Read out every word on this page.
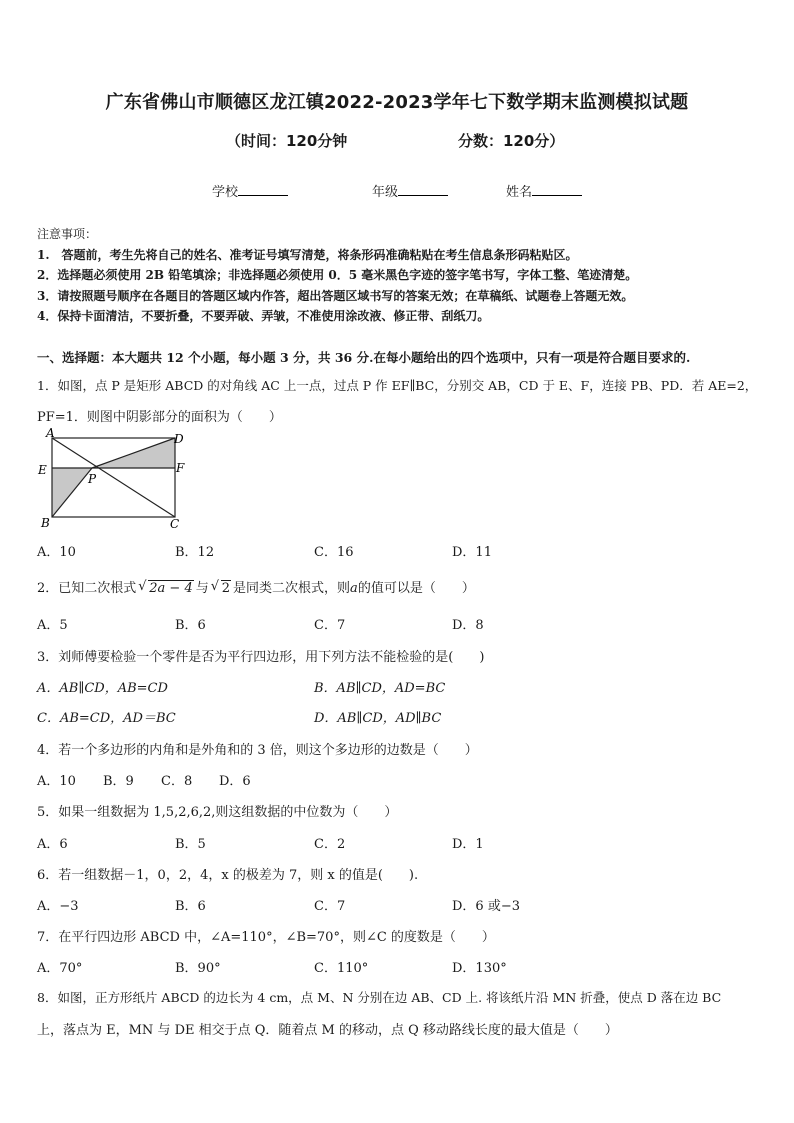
广东省佛山市顺德区龙江镇2022-2023学年七下数学期末监测模拟试题
（时间：120分钟	分数：120分）
学校	年级	姓名
注意事项：
1.　答题前，考生先将自己的姓名、准考证号填写清楚，将条形码准确粘贴在考生信息条形码粘贴区。
2．选择题必须使用 2B 铅笔填涂；非选择题必须使用 0．5 毫米黑色字迹的签字笔书写，字体工整、笔迹清楚。
3．请按照题号顺序在各题目的答题区域内作答，超出答题区域书写的答案无效；在草稿纸、试题卷上答题无效。
4．保持卡面清洁，不要折叠，不要弄破、弄皱，不准使用涂改液、修正带、刮纸刀。
一、选择题：本大题共 12 个小题，每小题 3 分，共 36 分.在每小题给出的四个选项中，只有一项是符合题目要求的.
1．如图，点 P 是矩形 ABCD 的对角线 AC 上一点，过点 P 作 EF∥BC，分别交 AB，CD 于 E、F，连接 PB、PD．若 AE=2，
PF=1．则图中阴影部分的面积为（　　）
A	D
E	F
P
B	C
A．10	B．12	C．16	D．11
2．已知二次根式 √ 2a − 4 与 √ 2 是同类二次根式，则a的值可以是（　　）
A．5	B．6	C．7	D．8
3．刘师傅要检验一个零件是否为平行四边形，用下列方法不能检验的是(　　)
A．AB∥CD，AB=CD	B．AB∥CD，AD=BC
C．AB=CD，AD＝BC	D．AB∥CD，AD∥BC
4．若一个多边形的内角和是外角和的 3 倍，则这个多边形的边数是（　　）
A．10 B．9 C．8 D．6
5．如果一组数据为 1,5,2,6,2,则这组数据的中位数为（　　）
A．6	B．5	C．2	D．1
6．若一组数据－1，0，2，4，x 的极差为 7，则 x 的值是(　　).
A．−3	B．6	C．7	D．6 或−3
7．在平行四边形 ABCD 中，∠A=110°，∠B=70°，则∠C 的度数是（　　）
A．70°	B．90°	C．110°	D．130°
8．如图，正方形纸片 ABCD 的边长为 4 cm，点 M、N 分别在边 AB、CD 上. 将该纸片沿 MN 折叠，使点 D 落在边 BC
上，落点为 E，MN 与 DE 相交于点 Q．随着点 M 的移动，点 Q 移动路线长度的最大值是（　　）
